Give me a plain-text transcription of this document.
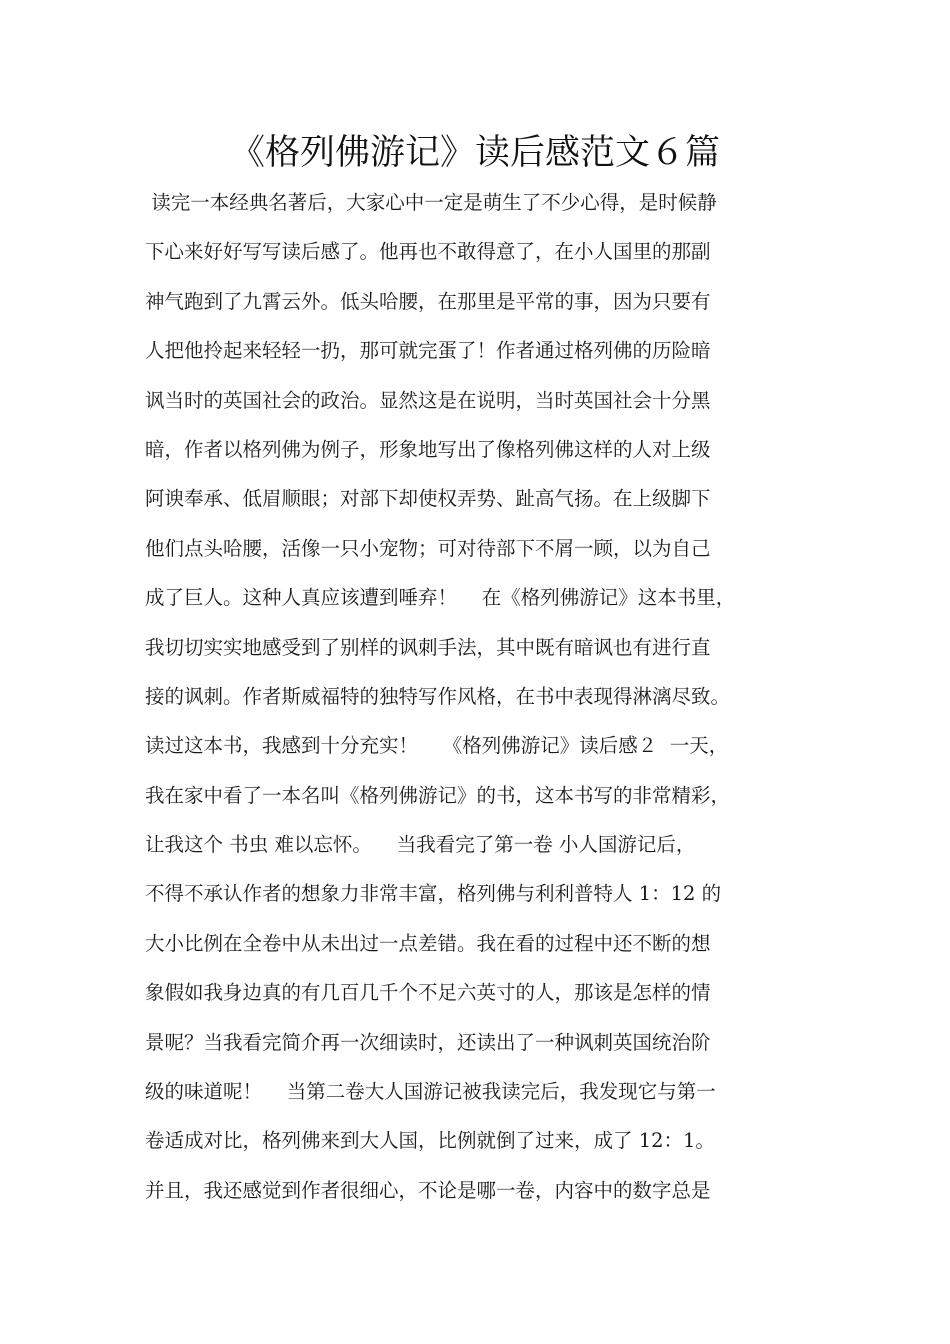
《格列佛游记》读后感范文６篇
读完一本经典名著后，大家心中一定是萌生了不少心得，是时候静
下心来好好写写读后感了。他再也不敢得意了，在小人国里的那副
神气跑到了九霄云外。低头哈腰，在那里是平常的事，因为只要有
人把他拎起来轻轻一扔，那可就完蛋了！作者通过格列佛的历险暗
讽当时的英国社会的政治。显然这是在说明，当时英国社会十分黑
暗，作者以格列佛为例子，形象地写出了像格列佛这样的人对上级
阿谀奉承、低眉顺眼；对部下却使权弄势、趾高气扬。在上级脚下
他们点头哈腰，活像一只小宠物；可对待部下不屑一顾，以为自己
成了巨人。这种人真应该遭到唾弃！    在《格列佛游记》这本书里，
我切切实实地感受到了别样的讽刺手法，其中既有暗讽也有进行直
接的讽刺。作者斯威福特的独特写作风格，在书中表现得淋漓尽致。
读过这本书，我感到十分充实！    《格列佛游记》读后感２  一天，
我在家中看了一本名叫《格列佛游记》的书，这本书写的非常精彩，
让我这个 书虫 难以忘怀。    当我看完了第一卷 小人国游记后，
不得不承认作者的想象力非常丰富，格列佛与利利普特人 1：12 的
大小比例在全卷中从未出过一点差错。我在看的过程中还不断的想
象假如我身边真的有几百几千个不足六英寸的人，那该是怎样的情
景呢？当我看完简介再一次细读时，还读出了一种讽刺英国统治阶
级的味道呢！    当第二卷大人国游记被我读完后，我发现它与第一
卷适成对比，格列佛来到大人国，比例就倒了过来，成了 12：1。
并且，我还感觉到作者很细心，不论是哪一卷，内容中的数字总是
